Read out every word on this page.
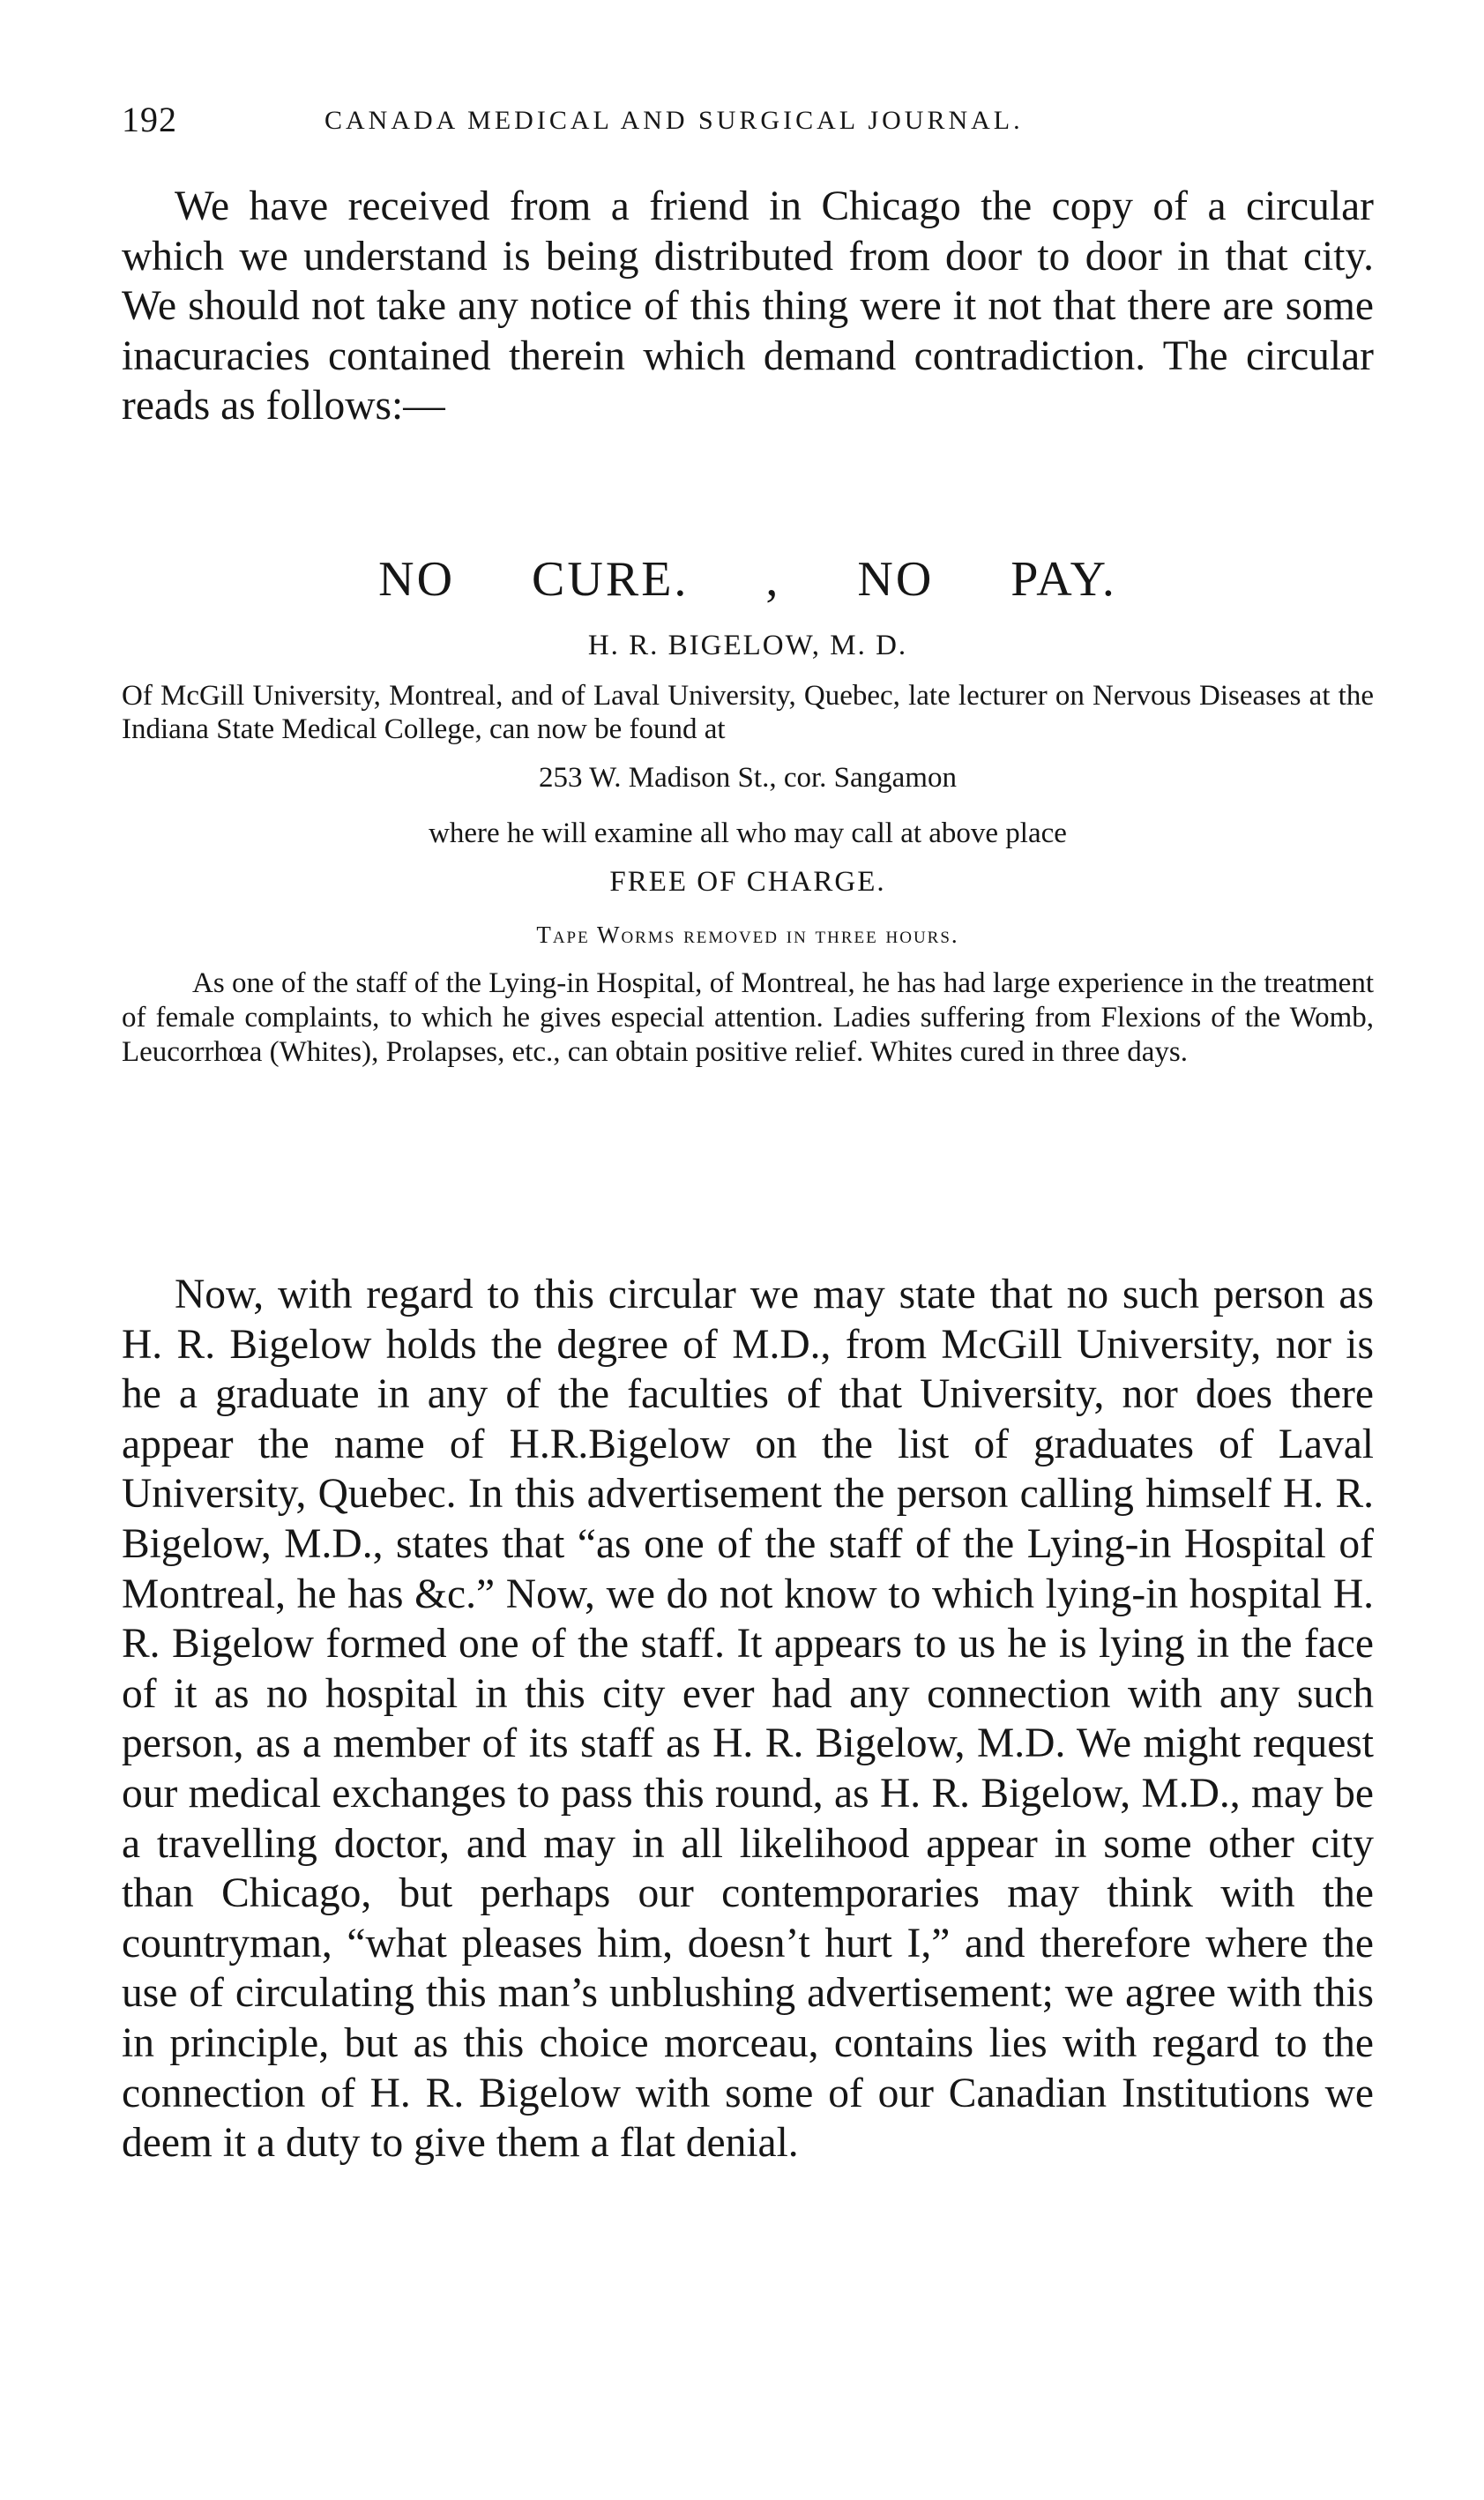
192	CANADA MEDICAL AND SURGICAL JOURNAL.

We have received from a friend in Chicago the copy of a circular which we understand is being distributed from door to door in that city. We should not take any notice of this thing were it not that there are some inacuracies contained therein which demand contradiction. The circular reads as follows:—

NO CURE. , NO PAY.
H. R. BIGELOW, M. D.
Of McGill University, Montreal, and of Laval University, Quebec, late lecturer on Nervous Diseases at the Indiana State Medical College, can now be found at
253 W. Madison St., cor. Sangamon
where he will examine all who may call at above place
FREE OF CHARGE.
Tape Worms removed in three hours.
As one of the staff of the Lying-in Hospital, of Montreal, he has had large experience in the treatment of female complaints, to which he gives especial attention. Ladies suffering from Flexions of the Womb, Leucorrhœa (Whites), Prolapses, etc., can obtain positive relief. Whites cured in three days.

Now, with regard to this circular we may state that no such person as H. R. Bigelow holds the degree of M.D., from McGill University, nor is he a graduate in any of the faculties of that University, nor does there appear the name of H.R.Bigelow on the list of graduates of Laval University, Quebec. In this advertisement the person calling himself H. R. Bigelow, M.D., states that “as one of the staff of the Lying-in Hospital of Montreal, he has &c.” Now, we do not know to which lying-in hospital H. R. Bigelow formed one of the staff. It appears to us he is lying in the face of it as no hospital in this city ever had any connection with any such person, as a member of its staff as H. R. Bigelow, M.D. We might request our medical exchanges to pass this round, as H. R. Bigelow, M.D., may be a travelling doctor, and may in all likelihood appear in some other city than Chicago, but perhaps our contemporaries may think with the countryman, “what pleases him, doesn’t hurt I,” and therefore where the use of circulating this man’s unblushing advertisement; we agree with this in principle, but as this choice morceau, contains lies with regard to the connection of H. R. Bigelow with some of our Canadian Institutions we deem it a duty to give them a flat denial.
